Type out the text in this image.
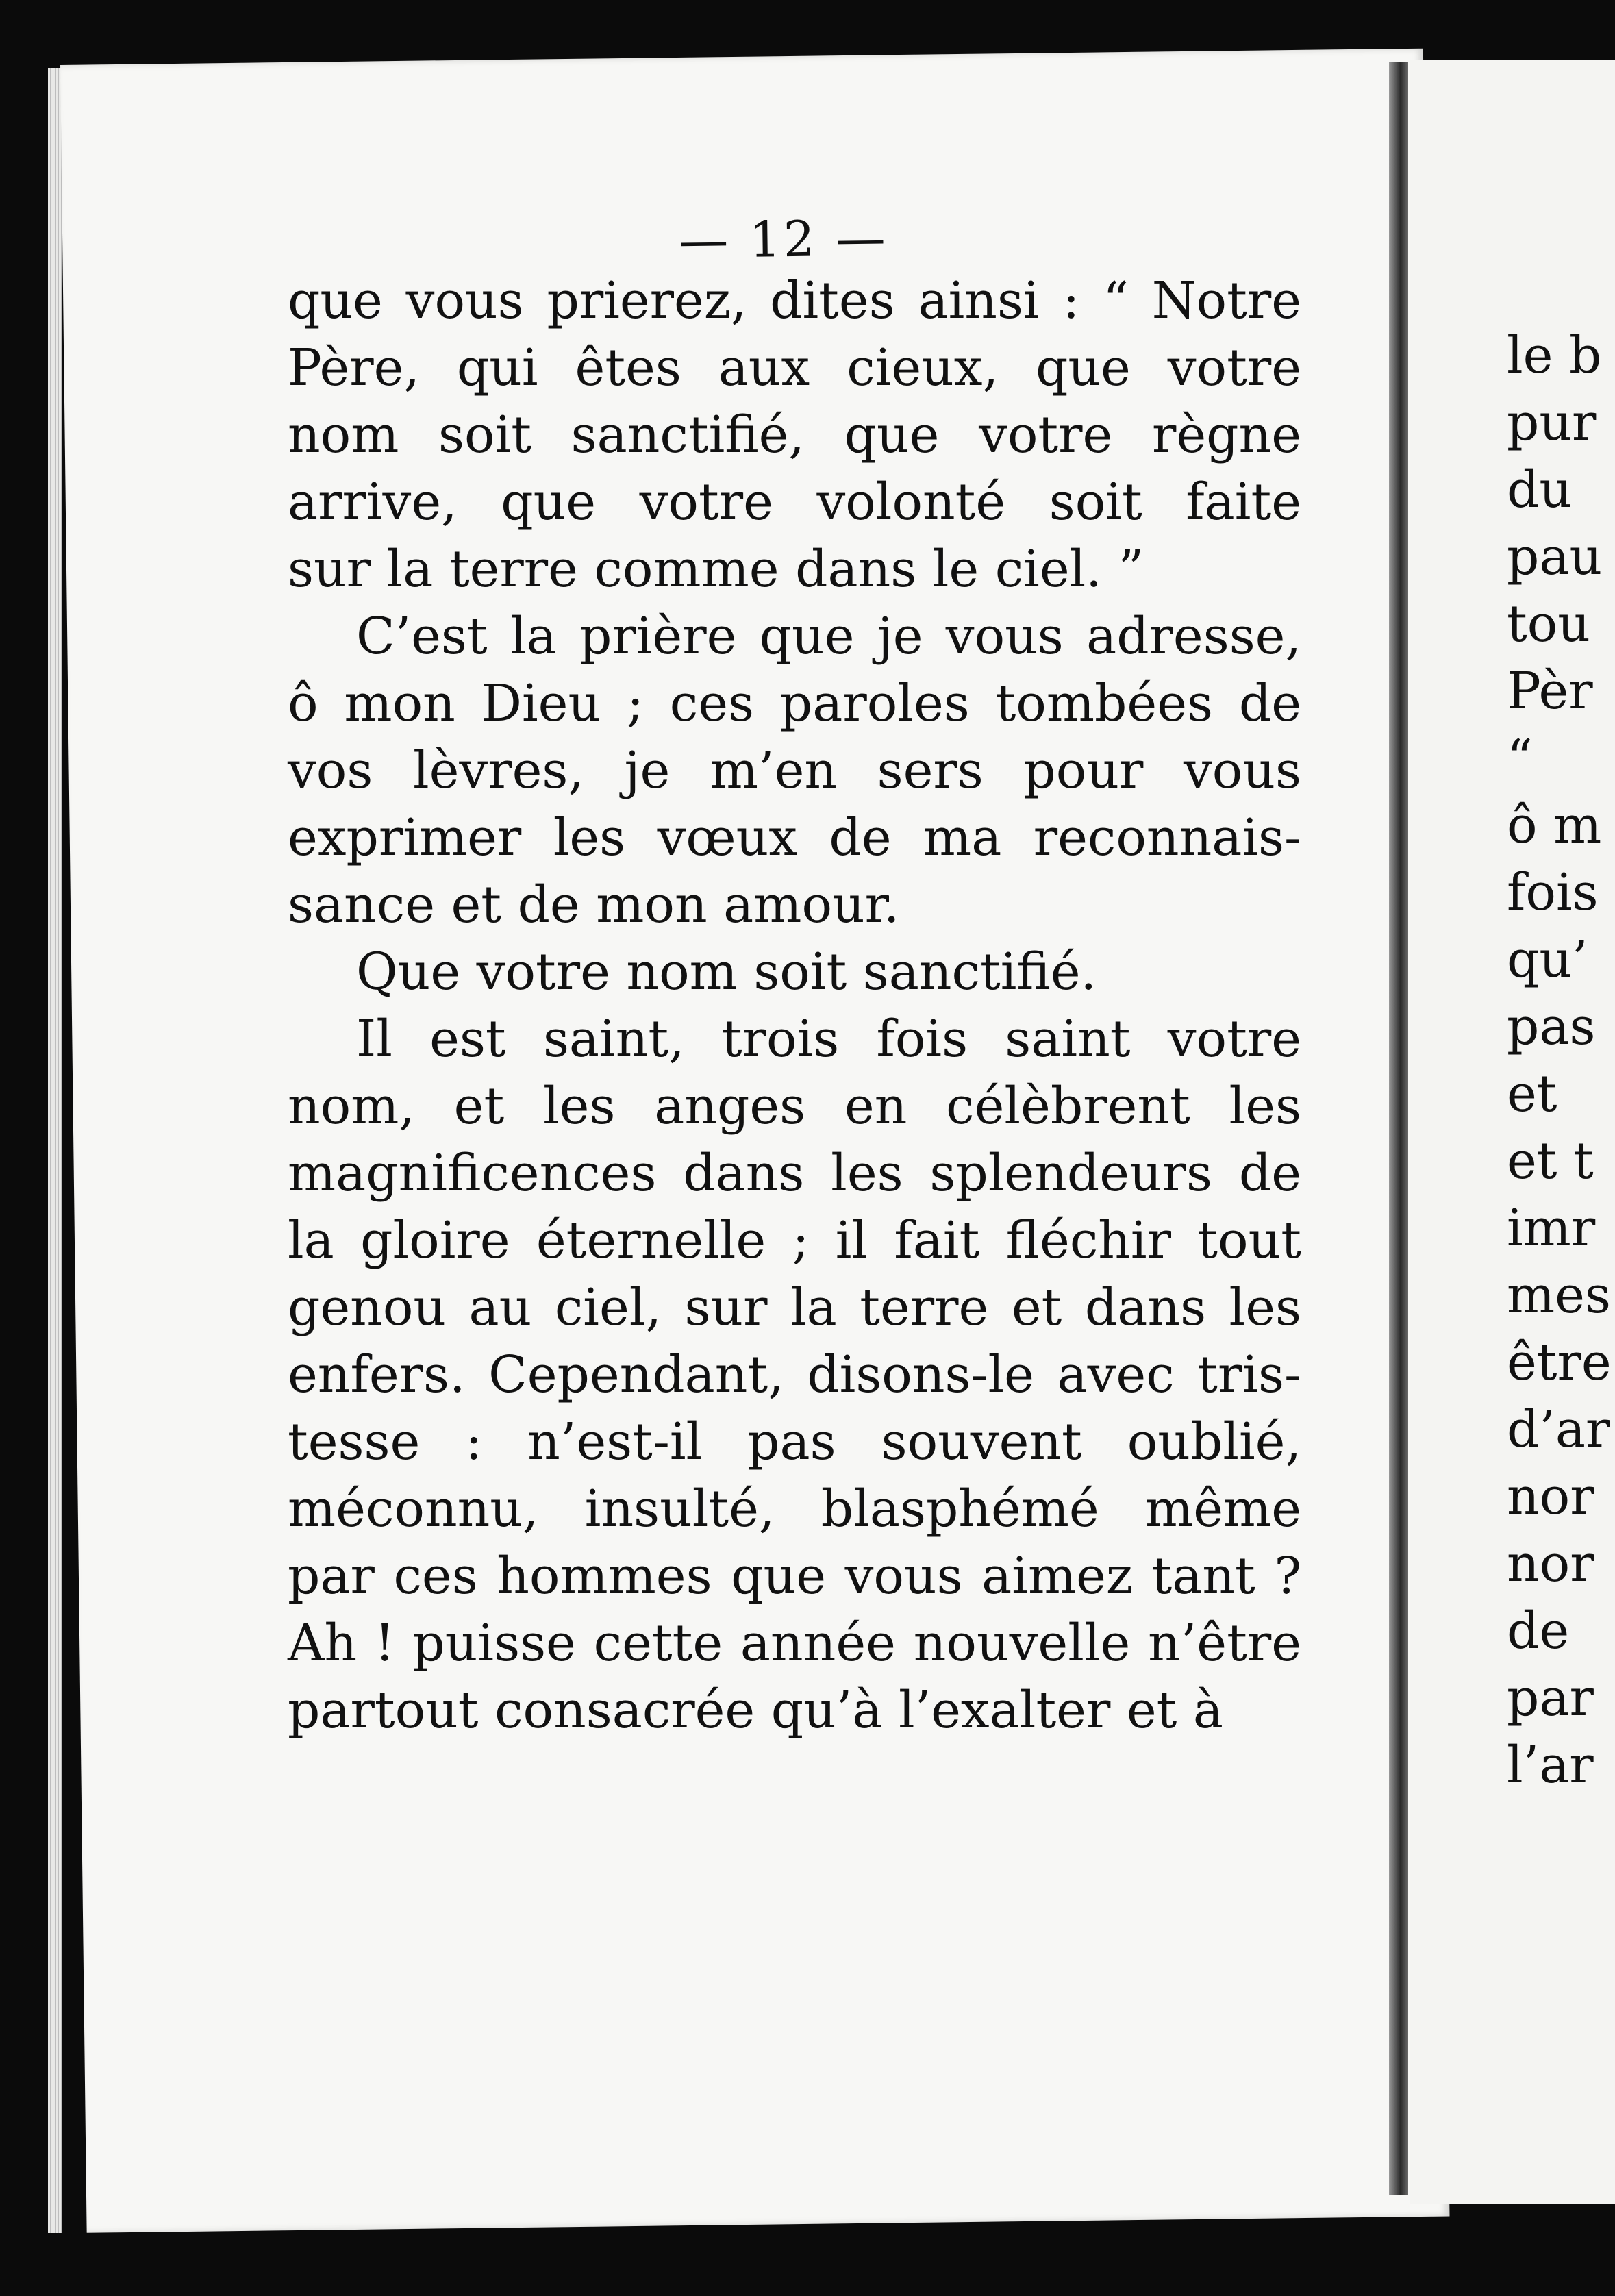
— 12 —

que vous prierez, dites ainsi : “ Notre
Père, qui êtes aux cieux, que votre
nom soit sanctifié, que votre règne
arrive, que votre volonté soit faite
sur la terre comme dans le ciel. ”

C’est la prière que je vous adresse,
ô mon Dieu ; ces paroles tombées de
vos lèvres, je m’en sers pour vous
exprimer les vœux de ma reconnais-
sance et de mon amour.

Que votre nom soit sanctifié.

Il est saint, trois fois saint votre
nom, et les anges en célèbrent les
magnificences dans les splendeurs de
la gloire éternelle ; il fait fléchir tout
genou au ciel, sur la terre et dans les
enfers. Cependant, disons-le avec tris-
tesse : n’est-il pas souvent oublié,
méconnu, insulté, blasphémé même
par ces hommes que vous aimez tant ?
Ah ! puisse cette année nouvelle n’être
partout consacrée qu’à l’exalter et à

le b
pur
du
pau
tou
Pèr
“
ô m
fois
qu’
pas
et
et t
imr
mes
être
d’ar
nor
nor
de
par
l’ar
